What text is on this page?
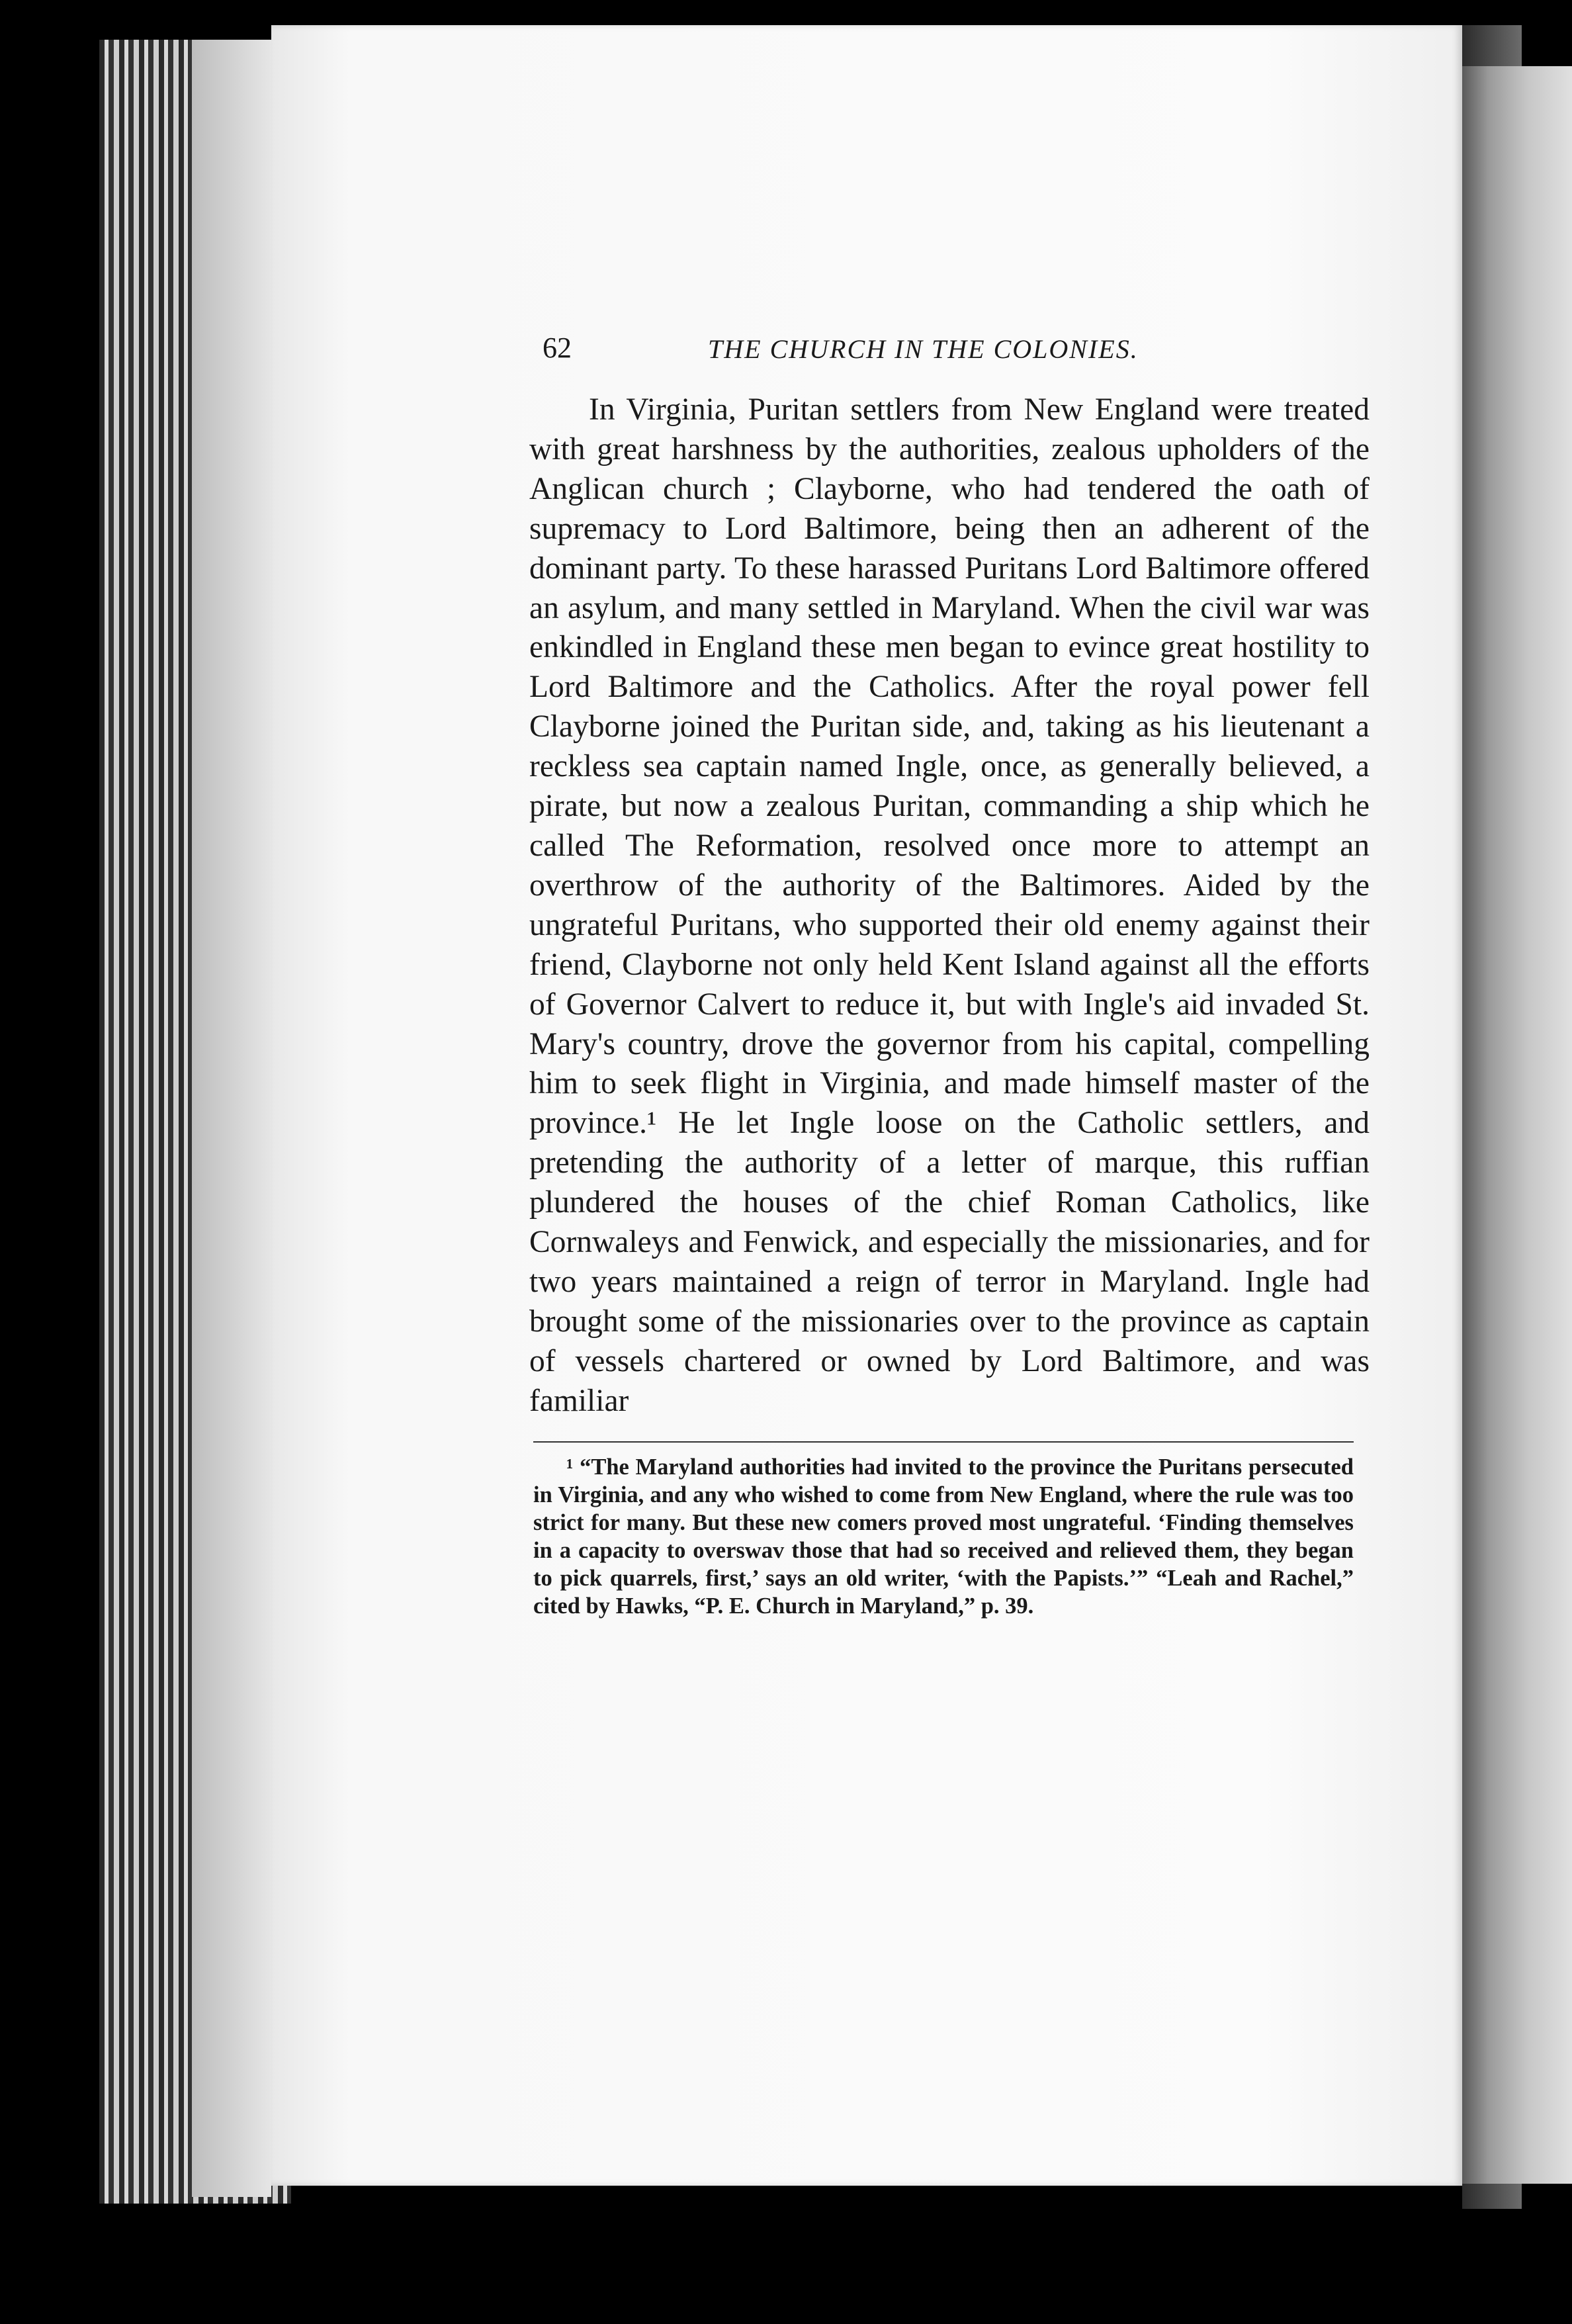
62	THE CHURCH IN THE COLONIES.

In Virginia, Puritan settlers from New England were treated with great harshness by the authorities, zealous upholders of the Anglican church ; Clayborne, who had tendered the oath of supremacy to Lord Baltimore, being then an adherent of the dominant party. To these harassed Puritans Lord Baltimore offered an asylum, and many settled in Maryland. When the civil war was enkindled in England these men began to evince great hostility to Lord Baltimore and the Catholics. After the royal power fell Clayborne joined the Puritan side, and, taking as his lieutenant a reckless sea captain named Ingle, once, as generally believed, a pirate, but now a zealous Puritan, commanding a ship which he called The Reformation, resolved once more to attempt an overthrow of the authority of the Baltimores. Aided by the ungrateful Puritans, who supported their old enemy against their friend, Clayborne not only held Kent Island against all the efforts of Governor Calvert to reduce it, but with Ingle's aid invaded St. Mary's country, drove the governor from his capital, compelling him to seek flight in Virginia, and made himself master of the province.¹ He let Ingle loose on the Catholic settlers, and pretending the authority of a letter of marque, this ruffian plundered the houses of the chief Roman Catholics, like Cornwaleys and Fenwick, and especially the missionaries, and for two years maintained a reign of terror in Maryland. Ingle had brought some of the missionaries over to the province as captain of vessels chartered or owned by Lord Baltimore, and was familiar

¹ “The Maryland authorities had invited to the province the Puritans persecuted in Virginia, and any who wished to come from New England, where the rule was too strict for many. But these new comers proved most ungrateful. ‘Finding themselves in a capacity to overswav those that had so received and relieved them, they began to pick quarrels, first,’ says an old writer, ‘with the Papists.’” “Leah and Rachel,” cited by Hawks, “P. E. Church in Maryland,” p. 39.
